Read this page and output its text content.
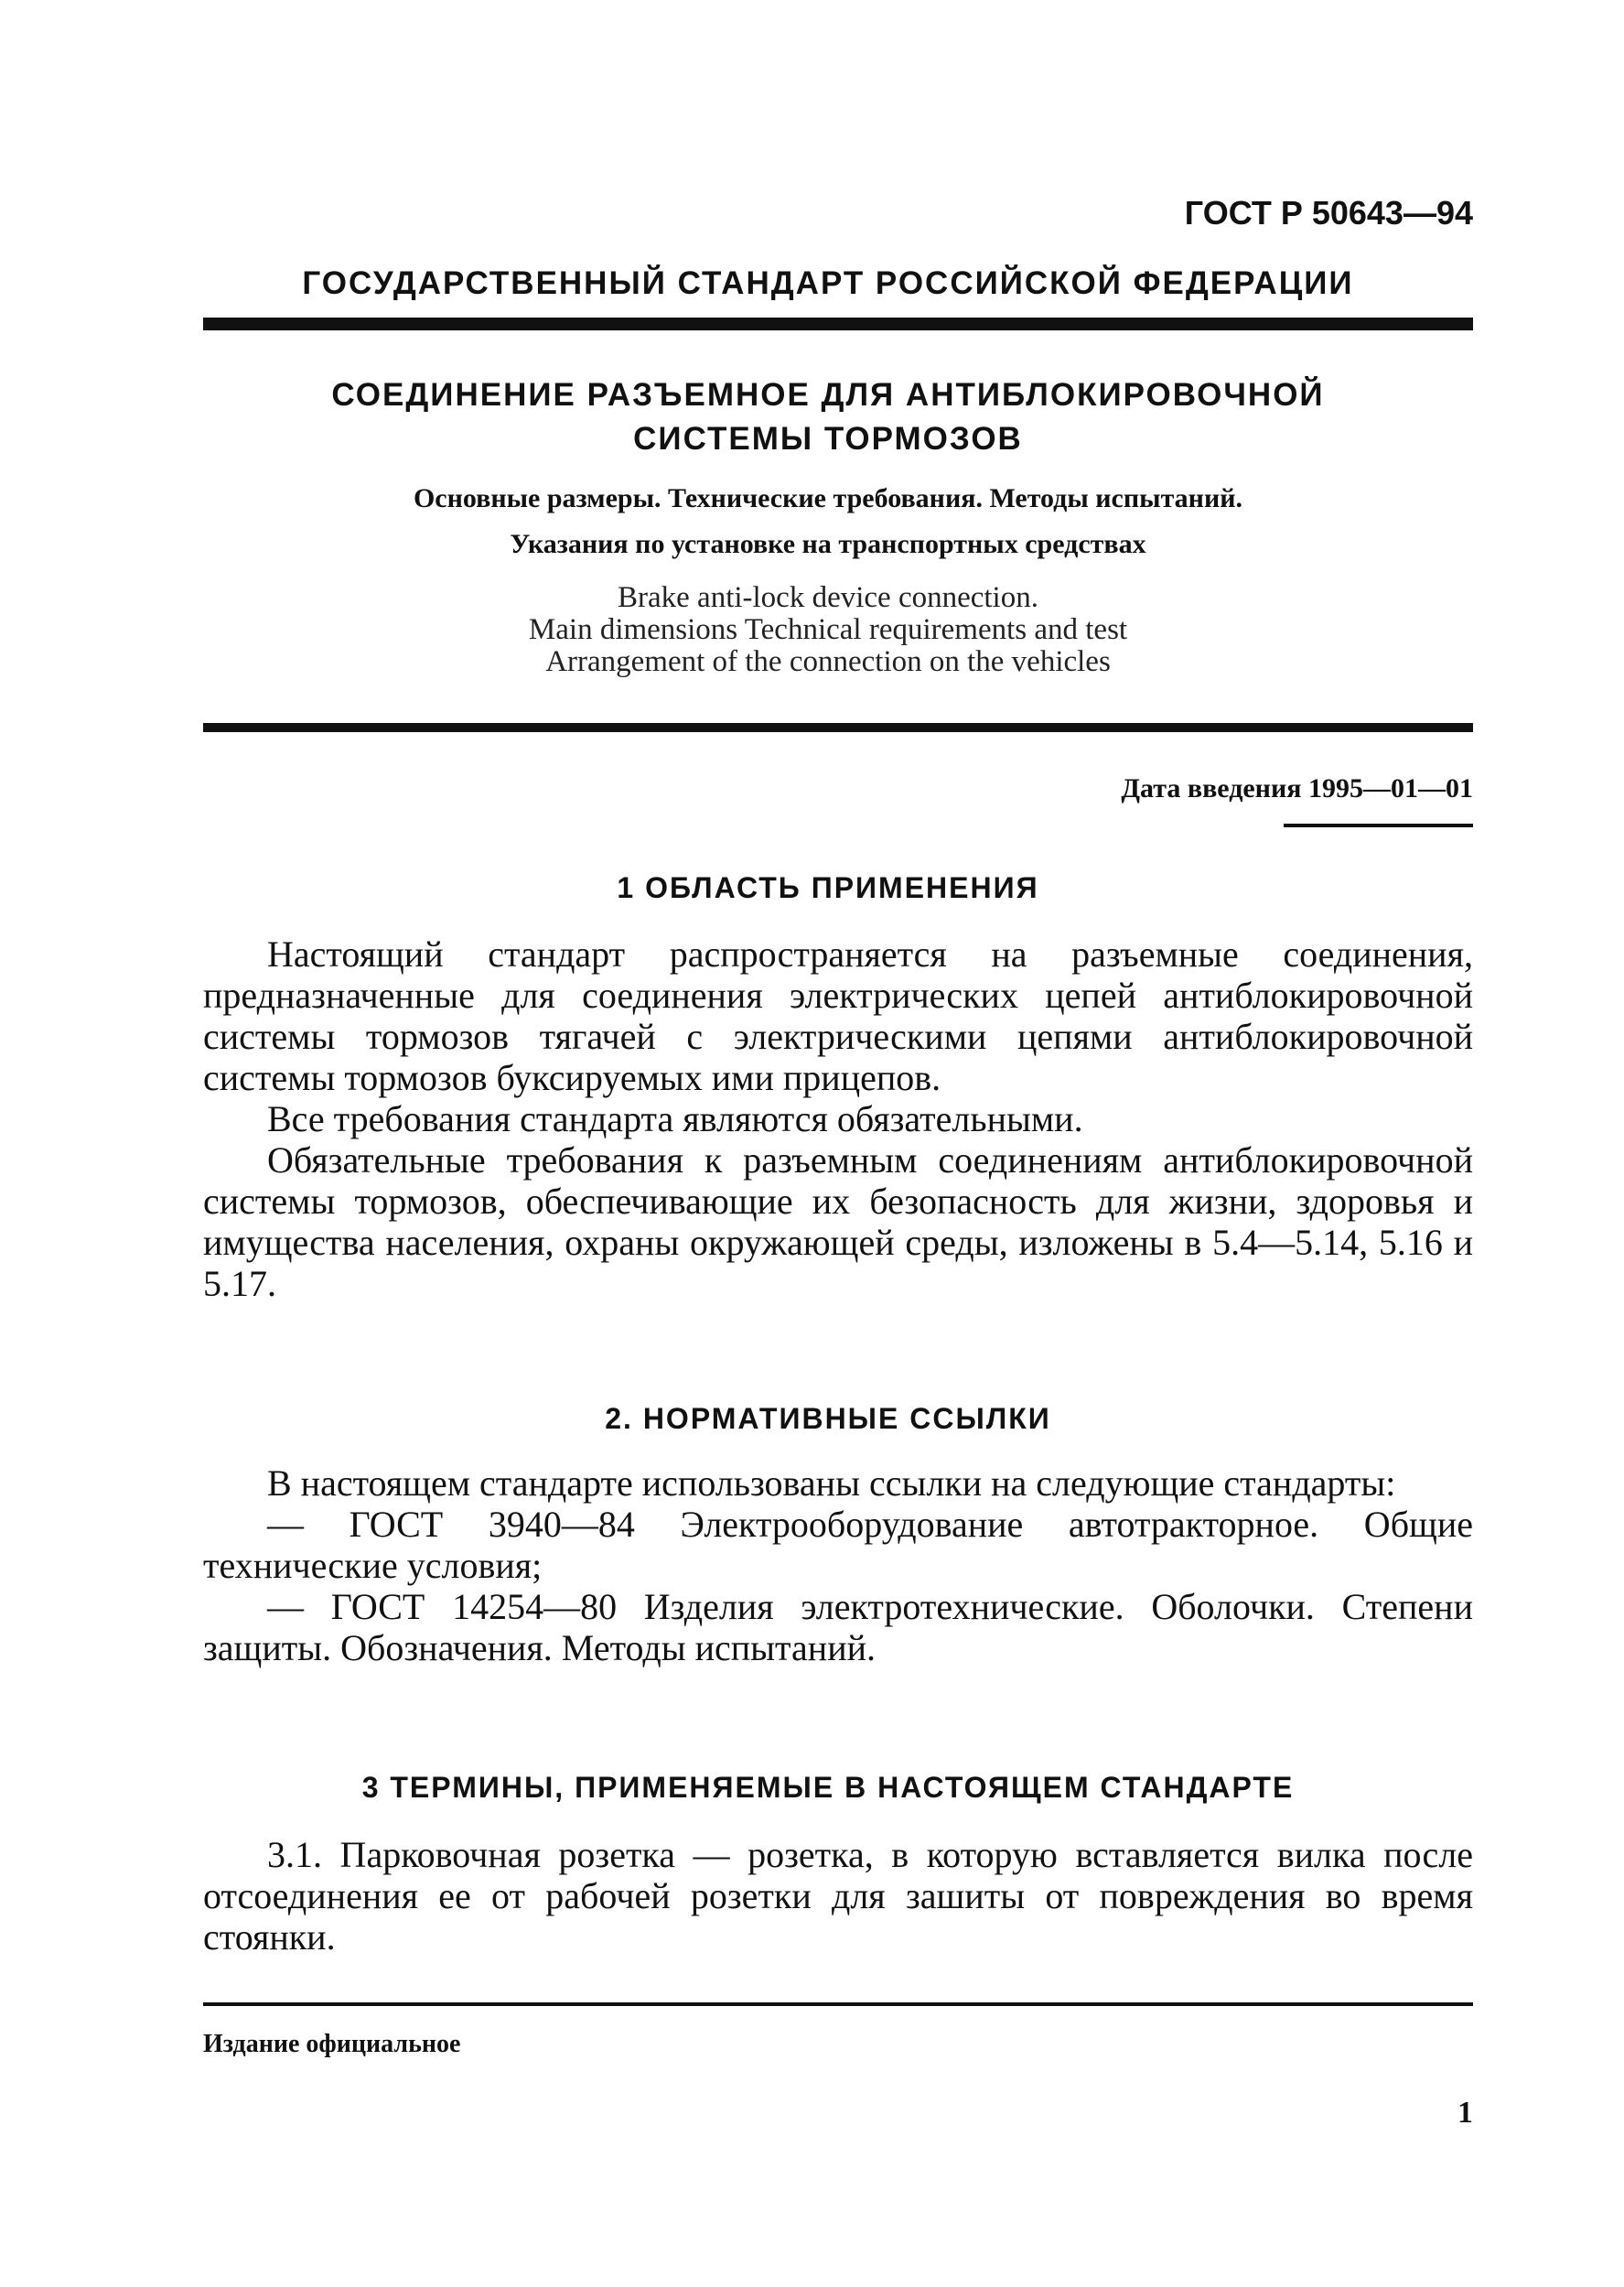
ГОСТ Р 50643—94
ГОСУДАРСТВЕННЫЙ СТАНДАРТ РОССИЙСКОЙ ФЕДЕРАЦИИ
СОЕДИНЕНИЕ РАЗЪЕМНОЕ ДЛЯ АНТИБЛОКИРОВОЧНОЙ
СИСТЕМЫ ТОРМОЗОВ
Основные размеры. Технические требования. Методы испытаний.
Указания по установке на транспортных средствах
Brake anti-lock device connection.
Main dimensions Technical requirements and test
Arrangement of the connection on the vehicles
Дата введения 1995—01—01
1 ОБЛАСТЬ ПРИМЕНЕНИЯ

Настоящий стандарт распространяется на разъемные соединения, предназначенные для соединения электрических цепей антиблокировочной системы тормозов тягачей с электрическими цепями антиблокировочной системы тормозов буксируемых ими прицепов.

Все требования стандарта являются обязательными.

Обязательные требования к разъемным соединениям антиблокировочной системы тормозов, обеспечивающие их безопасность для жизни, здоровья и имущества населения, охраны окружающей среды, изложены в 5.4—5.14, 5.16 и 5.17.

2. НОРМАТИВНЫЕ ССЫЛКИ

В настоящем стандарте использованы ссылки на следующие стандарты:

— ГОСТ 3940—84 Электрооборудование автотракторное. Общие технические условия;

— ГОСТ 14254—80 Изделия электротехнические. Оболочки. Степени защиты. Обозначения. Методы испытаний.

3 ТЕРМИНЫ, ПРИМЕНЯЕМЫЕ В НАСТОЯЩЕМ СТАНДАРТЕ

3.1. Парковочная розетка — розетка, в которую вставляется вилка после отсоединения ее от рабочей розетки для зашиты от повреждения во время стоянки.

Издание официальное
1
